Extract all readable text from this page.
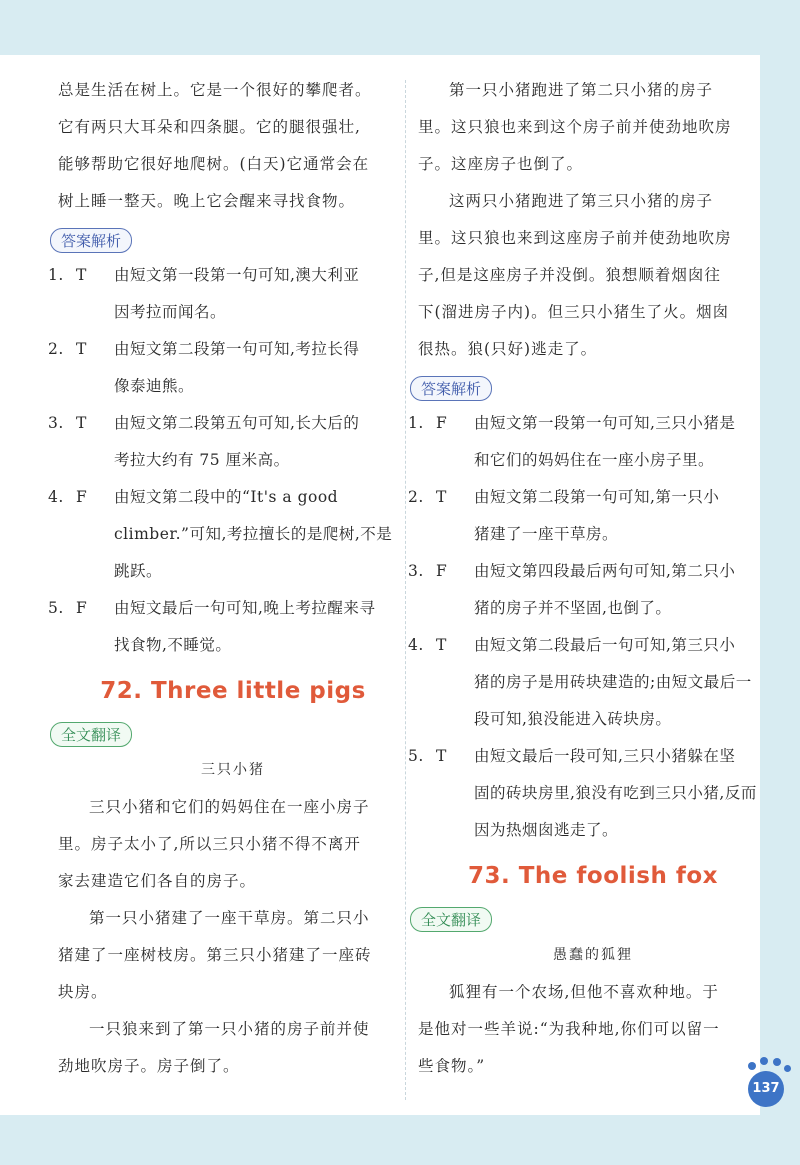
总是生活在树上。它是一个很好的攀爬者。

它有两只大耳朵和四条腿。它的腿很强壮,

能够帮助它很好地爬树。(白天)它通常会在

树上睡一整天。晚上它会醒来寻找食物。

答案解析
1. T 由短文第一段第一句可知,澳大利亚
因考拉而闻名。
2. T 由短文第二段第一句可知,考拉长得
像泰迪熊。
3. T 由短文第二段第五句可知,长大后的
考拉大约有 75 厘米高。
4. F 由短文第二段中的“It's a good
climber.”可知,考拉擅长的是爬树,不是
跳跃。
5. F 由短文最后一句可知,晚上考拉醒来寻
找食物,不睡觉。
72. Three little pigs
全文翻译
三只小猪

三只小猪和它们的妈妈住在一座小房子

里。房子太小了,所以三只小猪不得不离开

家去建造它们各自的房子。

第一只小猪建了一座干草房。第二只小

猪建了一座树枝房。第三只小猪建了一座砖

块房。

一只狼来到了第一只小猪的房子前并使

劲地吹房子。房子倒了。

第一只小猪跑进了第二只小猪的房子

里。这只狼也来到这个房子前并使劲地吹房

子。这座房子也倒了。

这两只小猪跑进了第三只小猪的房子

里。这只狼也来到这座房子前并使劲地吹房

子,但是这座房子并没倒。狼想顺着烟囱往

下(溜进房子内)。但三只小猪生了火。烟囱

很热。狼(只好)逃走了。

答案解析
1. F 由短文第一段第一句可知,三只小猪是
和它们的妈妈住在一座小房子里。
2. T 由短文第二段第一句可知,第一只小
猪建了一座干草房。
3. F 由短文第四段最后两句可知,第二只小
猪的房子并不坚固,也倒了。
4. T 由短文第二段最后一句可知,第三只小
猪的房子是用砖块建造的;由短文最后一
段可知,狼没能进入砖块房。
5. T 由短文最后一段可知,三只小猪躲在坚
固的砖块房里,狼没有吃到三只小猪,反而
因为热烟囱逃走了。
73. The foolish fox
全文翻译
愚蠢的狐狸

狐狸有一个农场,但他不喜欢种地。于

是他对一些羊说:“为我种地,你们可以留一

些食物。”

137
